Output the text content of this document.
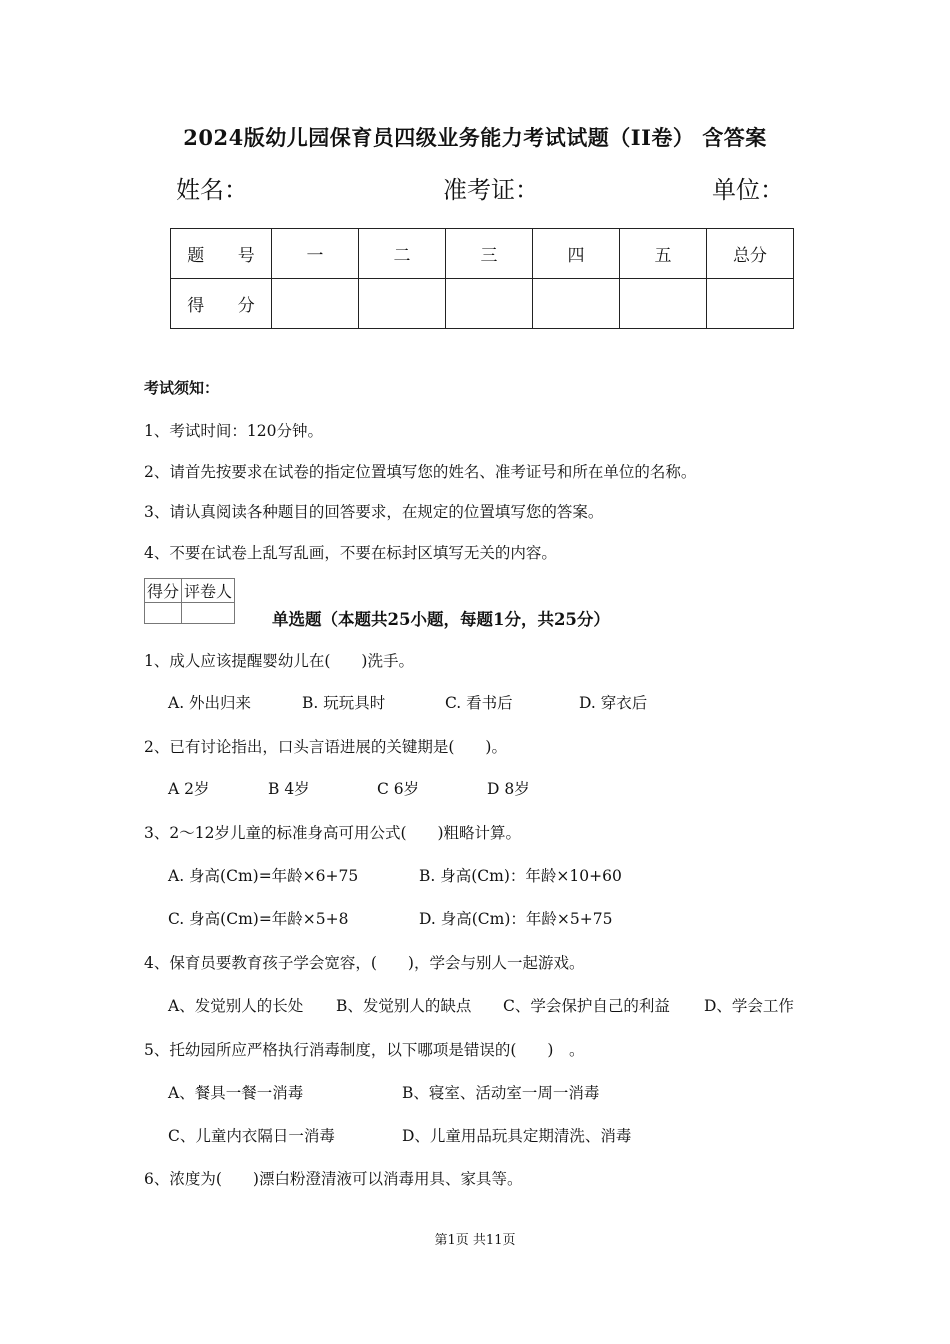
2024版幼儿园保育员四级业务能力考试试题（II卷） 含答案
姓名：	准考证：	单位：
题 号	一	二	三	四	五	总分
得 分						
考试须知：
1、考试时间：120分钟。
2、请首先按要求在试卷的指定位置填写您的姓名、准考证号和所在单位的名称。
3、请认真阅读各种题目的回答要求，在规定的位置填写您的答案。
4、不要在试卷上乱写乱画，不要在标封区填写无关的内容。
得分	评卷人

单选题（本题共25小题，每题1分，共25分）
1、成人应该提醒婴幼儿在(　　)洗手。
A. 外出归来	B. 玩玩具时	C. 看书后	D. 穿衣后
2、已有讨论指出，口头言语进展的关键期是(　　)。
A 2岁	B 4岁	C 6岁	D 8岁
3、2～12岁儿童的标准身高可用公式(　　)粗略计算。
A. 身高(Cm)=年龄×6+75	B. 身高(Cm)：年龄×10+60
C. 身高(Cm)=年龄×5+8	D. 身高(Cm)：年龄×5+75
4、保育员要教育孩子学会宽容，(　　)，学会与别人一起游戏。
A、发觉别人的长处 B、发觉别人的缺点 C、学会保护自己的利益 D、学会工作
5、托幼园所应严格执行消毒制度，以下哪项是错误的(　　)　。
A、餐具一餐一消毒	B、寝室、活动室一周一消毒
C、儿童内衣隔日一消毒	D、儿童用品玩具定期清洗、消毒
6、浓度为(　　)漂白粉澄清液可以消毒用具、家具等。
第1页 共11页
